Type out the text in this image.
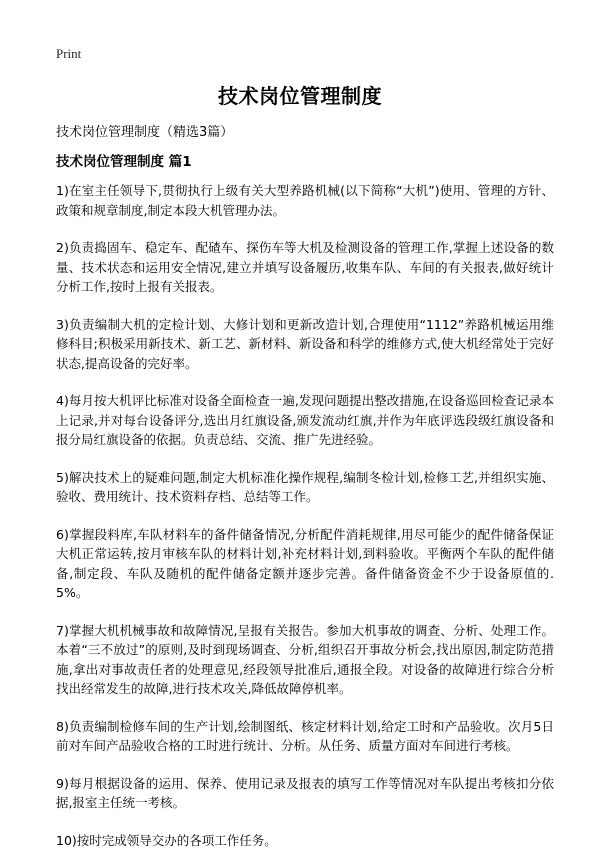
Print
技术岗位管理制度
技术岗位管理制度（精选3篇）
技术岗位管理制度 篇1
1)在室主任领导下,贯彻执行上级有关大型养路机械(以下简称“大机”)使用、管理的方针、政策和规章制度,制定本段大机管理办法。
2)负责捣固车、稳定车、配碴车、探伤车等大机及检测设备的管理工作,掌握上述设备的数量、技术状态和运用安全情况,建立并填写设备履历,收集车队、车间的有关报表,做好统计分析工作,按时上报有关报表。
3)负责编制大机的定检计划、大修计划和更新改造计划,合理使用“1112”养路机械运用维修科目;积极采用新技术、新工艺、新材料、新设备和科学的维修方式,使大机经常处于完好状态,提高设备的完好率。
4)每月按大机评比标准对设备全面检查一遍,发现问题提出整改措施,在设备巡回检查记录本上记录,并对每台设备评分,选出月红旗设备,颁发流动红旗,并作为年底评选段级红旗设备和报分局红旗设备的依据。负责总结、交流、推广先进经验。
5)解决技术上的疑难问题,制定大机标准化操作规程,编制冬检计划,检修工艺,并组织实施、验收、费用统计、技术资料存档、总结等工作。
6)掌握段料库,车队材料车的备件储备情况,分析配件消耗规律,用尽可能少的配件储备保证大机正常运转,按月审核车队的材料计划,补充材料计划,到料验收。平衡两个车队的配件储备,制定段、车队及随机的配件储备定额并逐步完善。备件储备资金不少于设备原值的.5%。
7)掌握大机机械事故和故障情况,呈报有关报告。参加大机事故的调查、分析、处理工作。本着“三不放过”的原则,及时到现场调查、分析,组织召开事故分析会,找出原因,制定防范措施,拿出对事故责任者的处理意见,经段领导批准后,通报全段。对设备的故障进行综合分析找出经常发生的故障,进行技术攻关,降低故障停机率。
8)负责编制检修车间的生产计划,绘制图纸、核定材料计划,给定工时和产品验收。次月5日前对车间产品验收合格的工时进行统计、分析。从任务、质量方面对车间进行考核。
9)每月根据设备的运用、保养、使用记录及报表的填写工作等情况对车队提出考核扣分依据,报室主任统一考核。
10)按时完成领导交办的各项工作任务。
